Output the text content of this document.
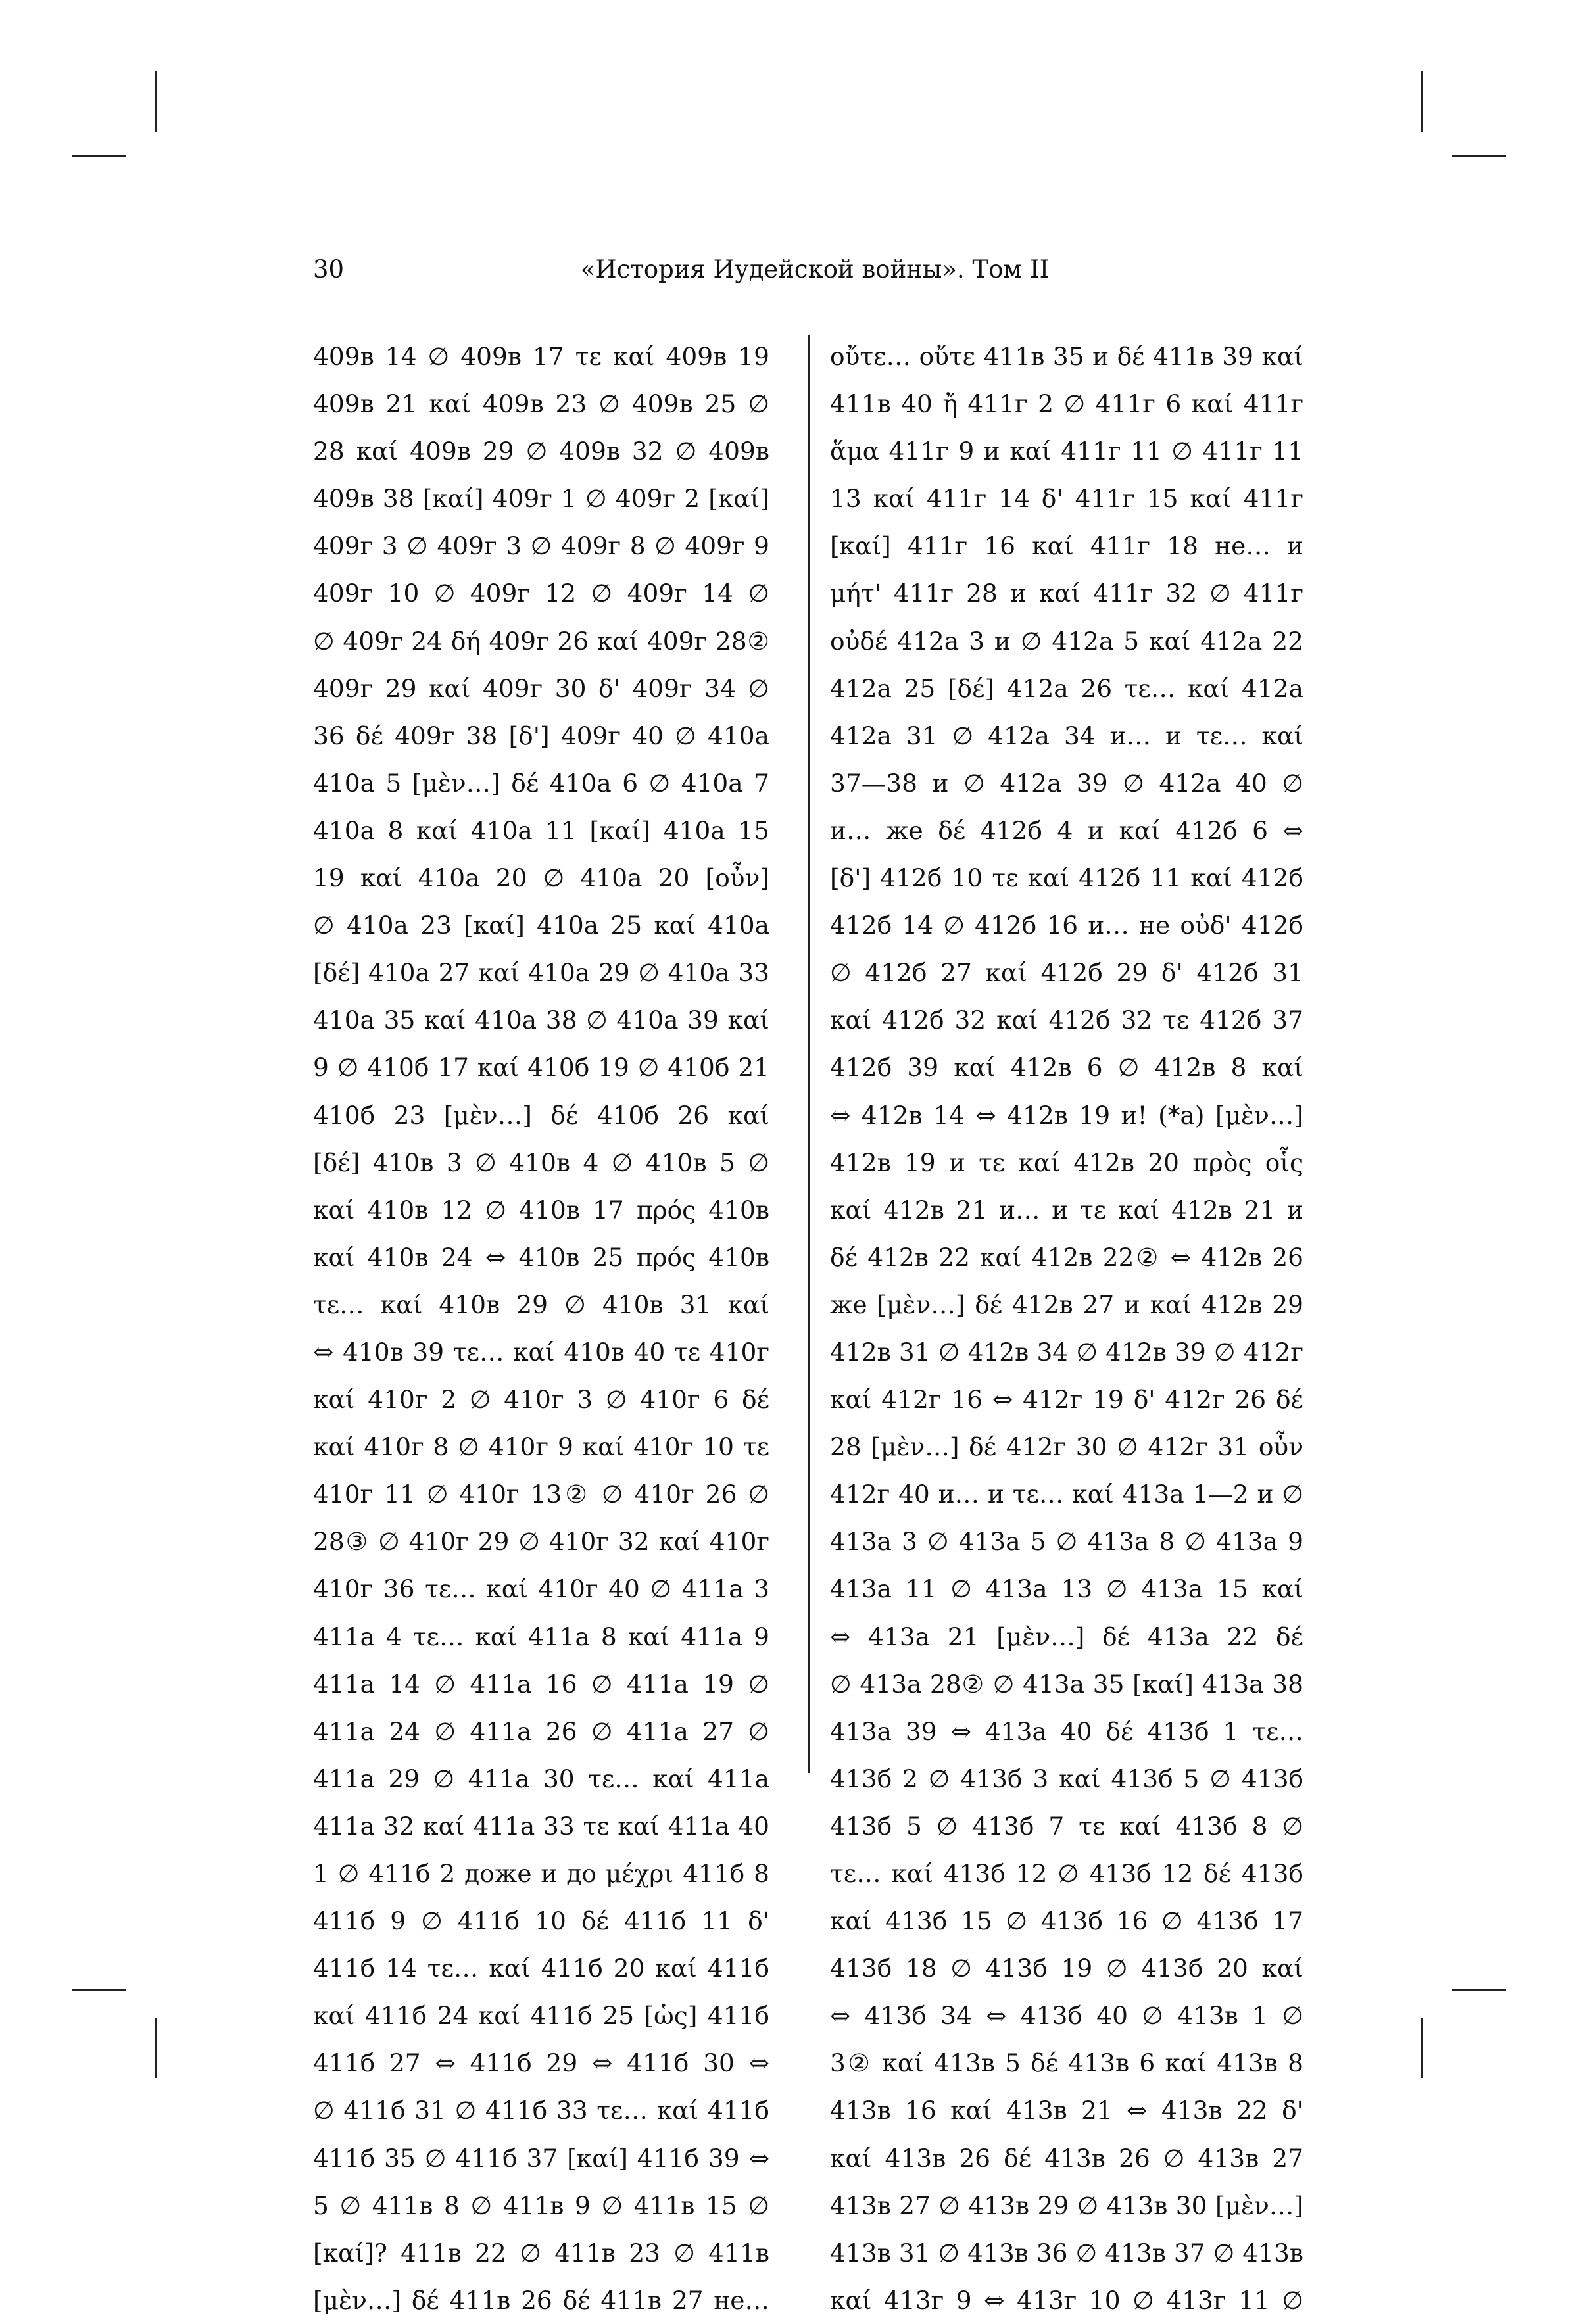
30	«История Иудейской войны». Том II
409в 14 ∅ 409в 17 τε καί 409в 19
409в 21 καί 409в 23 ∅ 409в 25 ∅
28 καί 409в 29 ∅ 409в 32 ∅ 409в
409в 38 [καί] 409г 1 ∅ 409г 2 [καί]
409г 3 ∅ 409г 3 ∅ 409г 8 ∅ 409г 9
409г 10 ∅ 409г 12 ∅ 409г 14 ∅
∅ 409г 24 δή 409г 26 καί 409г 28②
409г 29 καί 409г 30 δ' 409г 34 ∅
36 δέ 409г 38 [δ'] 409г 40 ∅ 410а
410а 5 [μὲν…] δέ 410а 6 ∅ 410а 7
410а 8 καί 410а 11 [καί] 410а 15
19 καί 410а 20 ∅ 410а 20 [οὖν]
∅ 410а 23 [καί] 410а 25 καί 410а
[δέ] 410а 27 καί 410а 29 ∅ 410а 33
410а 35 καί 410а 38 ∅ 410а 39 καί
9 ∅ 410б 17 καί 410б 19 ∅ 410б 21
410б 23 [μὲν…] δέ 410б 26 καί
[δέ] 410в 3 ∅ 410в 4 ∅ 410в 5 ∅
καί 410в 12 ∅ 410в 17 πρός 410в
καί 410в 24 ⇔ 410в 25 πρός 410в
τε… καί 410в 29 ∅ 410в 31 καί
⇔ 410в 39 τε… καί 410в 40 τε 410г
καί 410г 2 ∅ 410г 3 ∅ 410г 6 δέ
καί 410г 8 ∅ 410г 9 καί 410г 10 τε
410г 11 ∅ 410г 13② ∅ 410г 26 ∅
28③ ∅ 410г 29 ∅ 410г 32 καί 410г
410г 36 τε… καί 410г 40 ∅ 411а 3
411а 4 τε… καί 411а 8 καί 411а 9
411а 14 ∅ 411а 16 ∅ 411а 19 ∅
411а 24 ∅ 411а 26 ∅ 411а 27 ∅
411а 29 ∅ 411а 30 τε… καί 411а
411а 32 καί 411а 33 τε καί 411а 40
1 ∅ 411б 2 доже и до μέχρι 411б 8
411б 9 ∅ 411б 10 δέ 411б 11 δ'
411б 14 τε… καί 411б 20 καί 411б
καί 411б 24 καί 411б 25 [ὡς] 411б
411б 27 ⇔ 411б 29 ⇔ 411б 30 ⇔
∅ 411б 31 ∅ 411б 33 τε… καί 411б
411б 35 ∅ 411б 37 [καί] 411б 39 ⇔
5 ∅ 411в 8 ∅ 411в 9 ∅ 411в 15 ∅
[καί]? 411в 22 ∅ 411в 23 ∅ 411в
[μὲν…] δέ 411в 26 δέ 411в 27 не…
οὔτε… οὔτε 411в 35 и δέ 411в 39 καί
411в 40 ἤ 411г 2 ∅ 411г 6 καί 411г
ἅμα 411г 9 и καί 411г 11 ∅ 411г 11
13 καί 411г 14 δ' 411г 15 καί 411г
[καί] 411г 16 καί 411г 18 не… и
μήτ' 411г 28 и καί 411г 32 ∅ 411г
οὐδέ 412а 3 и ∅ 412а 5 καί 412а 22
412а 25 [δέ] 412а 26 τε… καί 412а
412а 31 ∅ 412а 34 и… и τε… καί
37—38 и ∅ 412а 39 ∅ 412а 40 ∅
и… же δέ 412б 4 и καί 412б 6 ⇔
[δ'] 412б 10 τε καί 412б 11 καί 412б
412б 14 ∅ 412б 16 и… не οὐδ' 412б
∅ 412б 27 καί 412б 29 δ' 412б 31
καί 412б 32 καί 412б 32 τε 412б 37
412б 39 καί 412в 6 ∅ 412в 8 καί
⇔ 412в 14 ⇔ 412в 19 и! (*а) [μὲν…]
412в 19 и τε καί 412в 20 πρὸς οἷς
καί 412в 21 и… и τε καί 412в 21 и
δέ 412в 22 καί 412в 22② ⇔ 412в 26
же [μὲν…] δέ 412в 27 и καί 412в 29
412в 31 ∅ 412в 34 ∅ 412в 39 ∅ 412г
καί 412г 16 ⇔ 412г 19 δ' 412г 26 δέ
28 [μὲν…] δέ 412г 30 ∅ 412г 31 οὖν
412г 40 и… и τε… καί 413а 1—2 и ∅
413а 3 ∅ 413а 5 ∅ 413а 8 ∅ 413а 9
413а 11 ∅ 413а 13 ∅ 413а 15 καί
⇔ 413а 21 [μὲν…] δέ 413а 22 δέ
∅ 413а 28② ∅ 413а 35 [καί] 413а 38
413а 39 ⇔ 413а 40 δέ 413б 1 τε…
413б 2 ∅ 413б 3 καί 413б 5 ∅ 413б
413б 5 ∅ 413б 7 τε καί 413б 8 ∅
τε… καί 413б 12 ∅ 413б 12 δέ 413б
καί 413б 15 ∅ 413б 16 ∅ 413б 17
413б 18 ∅ 413б 19 ∅ 413б 20 καί
⇔ 413б 34 ⇔ 413б 40 ∅ 413в 1 ∅
3② καί 413в 5 δέ 413в 6 καί 413в 8
413в 16 καί 413в 21 ⇔ 413в 22 δ'
καί 413в 26 δέ 413в 26 ∅ 413в 27
413в 27 ∅ 413в 29 ∅ 413в 30 [μὲν…]
413в 31 ∅ 413в 36 ∅ 413в 37 ∅ 413в
καί 413г 9 ⇔ 413г 10 ∅ 413г 11 ∅
